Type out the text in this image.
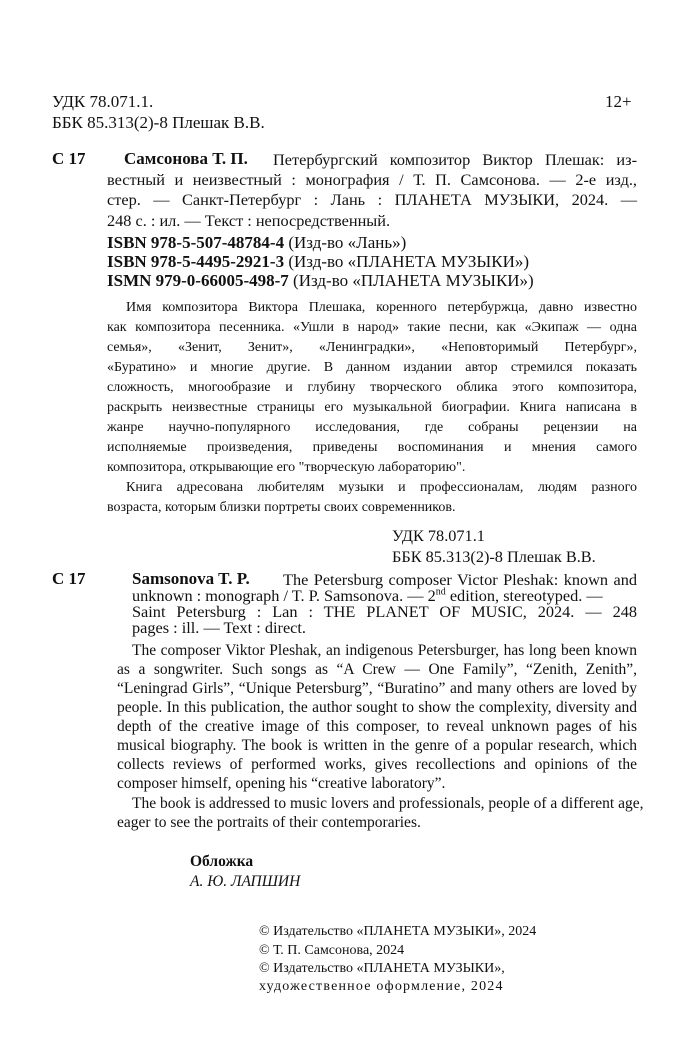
УДК 78.071.1.
ББК 85.313(2)-8 Плешак В.В.
12+
С 17 Самсонова Т. П. Петербургский композитор Виктор Плешак: из-
вестный и неизвестный : монография / Т. П. Самсонова. — 2-е изд.,
стер. — Санкт-Петербург : Лань : ПЛАНЕТА МУЗЫКИ, 2024. —
248 с. : ил. — Текст : непосредственный.
ISBN 978-5-507-48784-4 (Изд-во «Лань»)
ISBN 978-5-4495-2921-3 (Изд-во «ПЛАНЕТА МУЗЫКИ»)
ISMN 979-0-66005-498-7 (Изд-во «ПЛАНЕТА МУЗЫКИ»)
Имя композитора Виктора Плешака, коренного петербуржца, давно известно
как композитора песенника. «Ушли в народ» такие песни, как «Экипаж — одна
семья», «Зенит, Зенит», «Ленинградки», «Неповторимый Петербург»,
«Буратино» и многие другие. В данном издании автор стремился показать
сложность, многообразие и глубину творческого облика этого композитора,
раскрыть неизвестные страницы его музыкальной биографии. Книга написана в
жанре научно-популярного исследования, где собраны рецензии на
исполняемые произведения, приведены воспоминания и мнения самого
композитора, открывающие его "творческую лабораторию".
Книга адресована любителям музыки и профессионалам, людям разного
возраста, которым близки портреты своих современников.
УДК 78.071.1
ББК 85.313(2)-8 Плешак В.В.
С 17	Samsonova T. P. The Petersburg composer Victor Pleshak: known and
unknown : monograph / T. P. Samsonova. — 2nd edition, stereotyped. —
Saint Petersburg : Lan : THE PLANET OF MUSIC, 2024. — 248
pages : ill. — Text : direct.
The composer Viktor Pleshak, an indigenous Petersburger, has long been known
as a songwriter. Such songs as “A Crew — One Family”, “Zenith, Zenith”,
“Leningrad Girls”, “Unique Petersburg”, “Buratino” and many others are loved by
people. In this publication, the author sought to show the complexity, diversity and
depth of the creative image of this composer, to reveal unknown pages of his
musical biography. The book is written in the genre of a popular research, which
collects reviews of performed works, gives recollections and opinions of the
composer himself, opening his “creative laboratory”.
The book is addressed to music lovers and professionals, people of a different age,
eager to see the portraits of their contemporaries.
Обложка
А. Ю. ЛАПШИН
© Издательство «ПЛАНЕТА МУЗЫКИ», 2024
© Т. П. Самсонова, 2024
© Издательство «ПЛАНЕТА МУЗЫКИ»,
художественное оформление, 2024
